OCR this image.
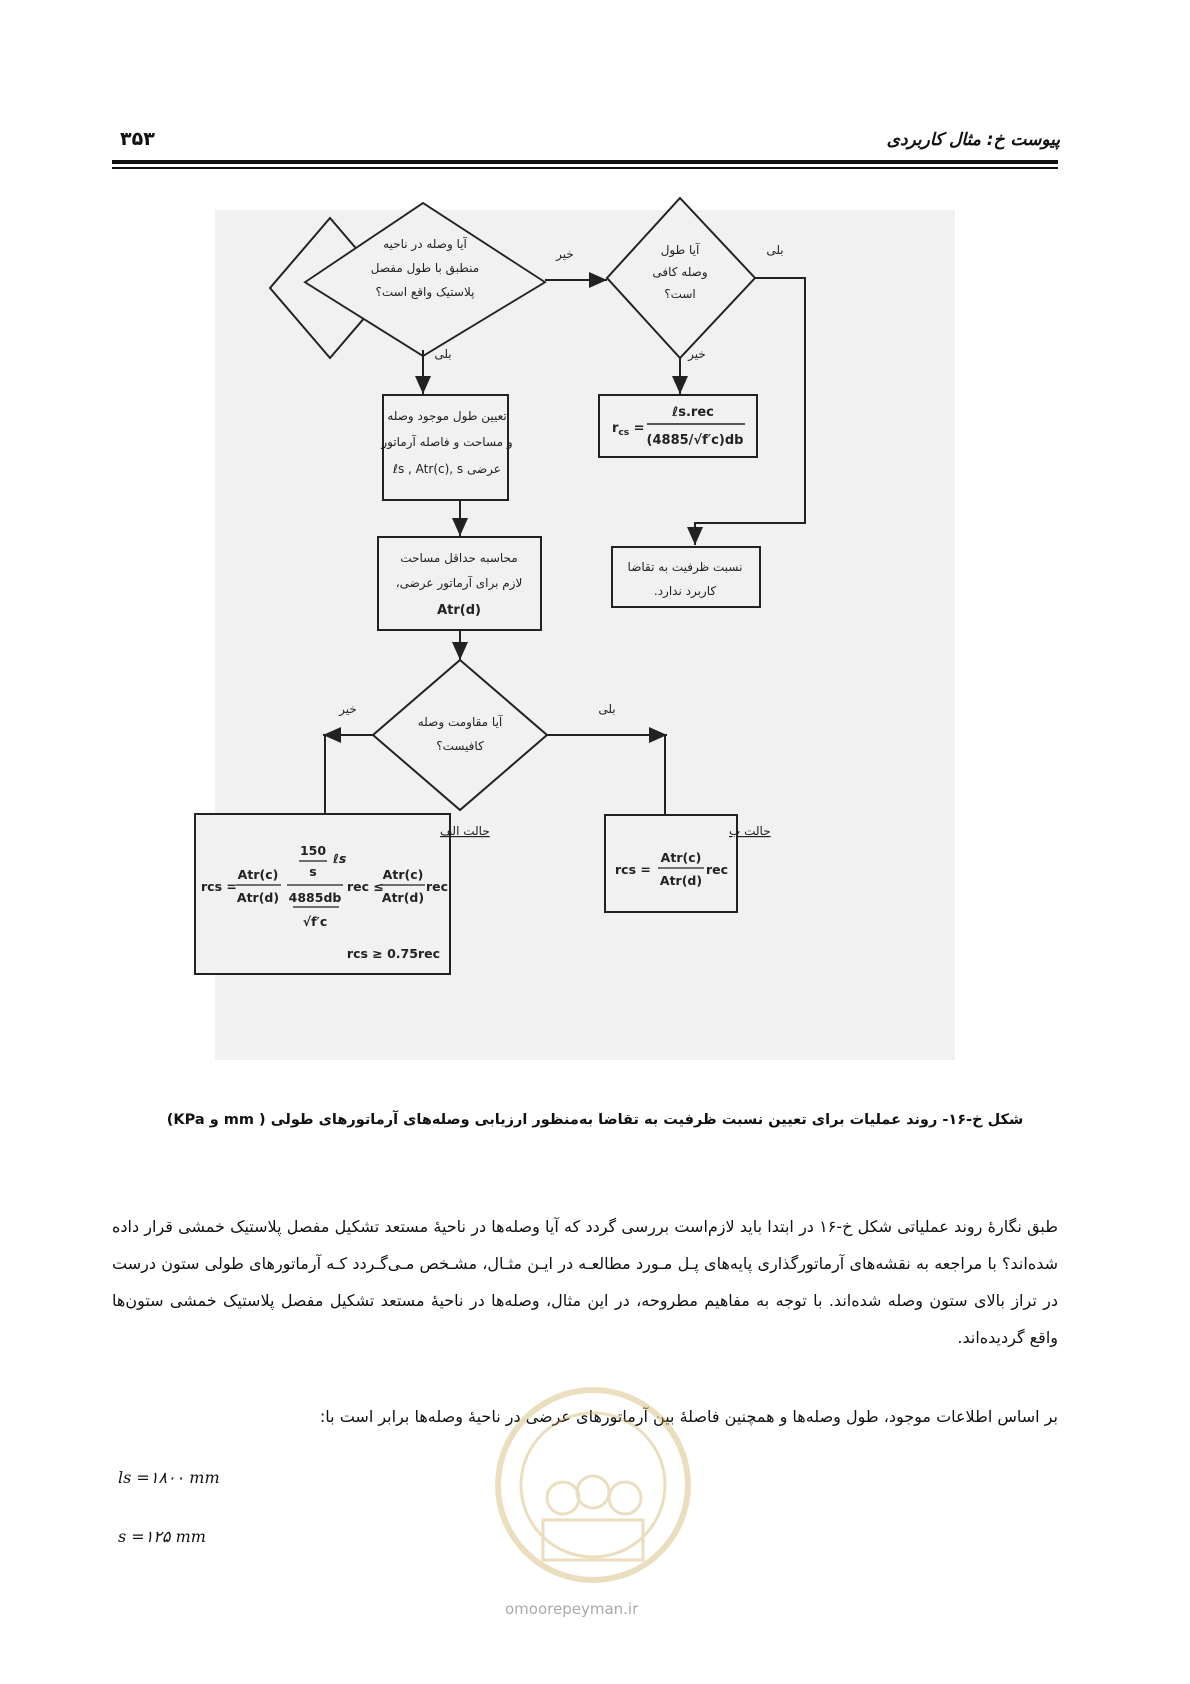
پیوست خ: مثال کاربردی
۳۵۳
آیا وصله در ناحیه
منطبق با طول مفصل
پلاستیک واقع است؟
خیر	آیا طول
وصله کافی
است؟
بلی
خیر
$r_{cs}$ =
ℓs.rec
(4885/√f′c)db
بلی
تعیین طول موجود وصله
و مساحت و فاصله آرماتور
عرضی ℓs , Atr(c), s
نسبت ظرفیت به تقاضا
کاربرد ندارد.
محاسبه حداقل مساحت
لازم برای آرماتور عرضی،
Atr(d)
آیا مقاومت وصله
کافیست؟
خیر	بلی
حالت الف
rcs =
Atr(c)
Atr(d)
150
ℓs
s
4885db
√f′c
rec ≤
Atr(c)
Atr(d)
rec
rcs ≥ 0.75rec
حالت ب
rcs =
Atr(c)
Atr(d)
rec
شکل خ-۱۶- روند عملیات برای تعیین نسبت ظرفیت به تقاضا به‌منظور ارزیابی وصله‌های آرماتورهای طولی ( mm و KPa)
طبق نگارهٔ روند عملیاتی شکل خ-۱۶ در ابتدا باید لازم‌است بررسی گردد که آیا وصله‌ها در ناحیهٔ مستعد تشکیل مفصل پلاستیک خمشی قرار داده شده‌اند؟ با مراجعه به نقشه‌های آرماتورگذاری پایه‌های پـل مـورد مطالعـه در ایـن مثـال، مشـخص مـی‌گـردد کـه آرماتورهای طولی ستون درست در تراز بالای ستون وصله شده‌اند. با توجه به مفاهیم مطروحه، در این مثال، وصله‌ها در ناحیهٔ مستعد تشکیل مفصل پلاستیک خمشی ستون‌ها واقع گردیده‌اند.
بر اساس اطلاعات موجود، طول وصله‌ها و همچنین فاصلهٔ بین آرماتورهای عرضی در ناحیهٔ وصله‌ها برابر است با:
ls =۱۸۰۰ mm
s =۱۲۵ mm
omoorepeyman.ir
